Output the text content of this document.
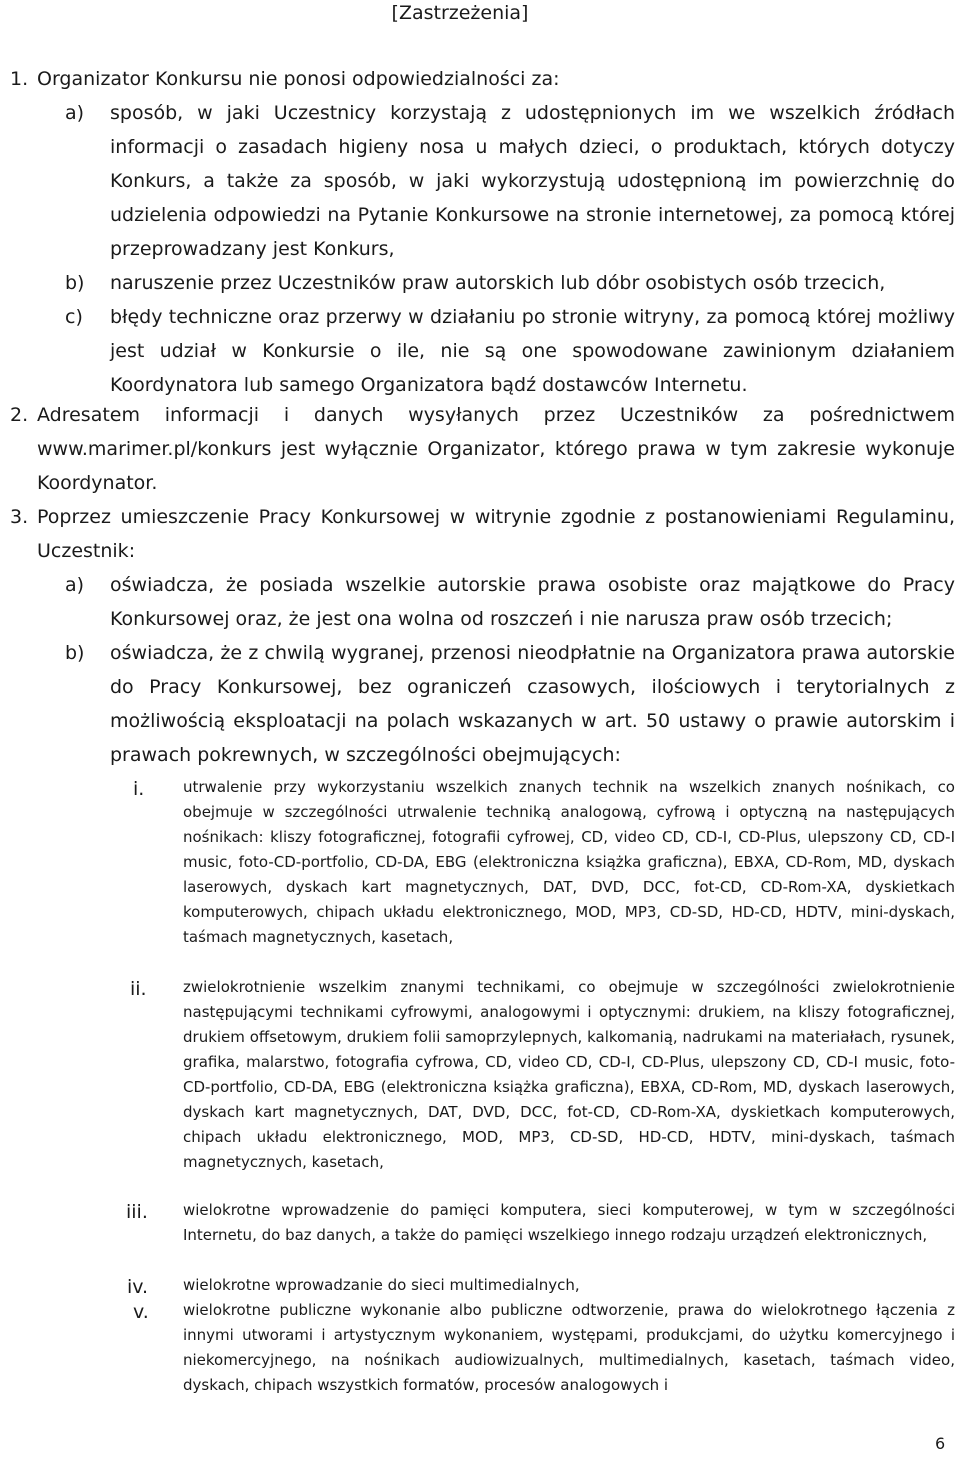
[Zastrzeżenia]
1. Organizator Konkursu nie ponosi odpowiedzialności za:
a) sposób, w jaki Uczestnicy korzystają z udostępnionych im we wszelkich źródłach informacji o zasadach higieny nosa u małych dzieci, o produktach, których dotyczy Konkurs, a także za sposób, w jaki wykorzystują udostępnioną im powierzchnię do udzielenia odpowiedzi na Pytanie Konkursowe na stronie internetowej, za pomocą której przeprowadzany jest Konkurs,
b) naruszenie przez Uczestników praw autorskich lub dóbr osobistych osób trzecich,
c) błędy techniczne oraz przerwy w działaniu po stronie witryny, za pomocą której możliwy jest udział w Konkursie o ile, nie są one spowodowane zawinionym działaniem Koordynatora lub samego Organizatora bądź dostawców Internetu.
2. Adresatem informacji i danych wysyłanych przez Uczestników za pośrednictwem www.marimer.pl/konkurs jest wyłącznie Organizator, którego prawa w tym zakresie wykonuje Koordynator.
3. Poprzez umieszczenie Pracy Konkursowej w witrynie zgodnie z postanowieniami Regulaminu, Uczestnik:
a) oświadcza, że posiada wszelkie autorskie prawa osobiste oraz majątkowe do Pracy Konkursowej oraz, że jest ona wolna od roszczeń i nie narusza praw osób trzecich;
b) oświadcza, że z chwilą wygranej, przenosi nieodpłatnie na Organizatora prawa autorskie do Pracy Konkursowej, bez ograniczeń czasowych, ilościowych i terytorialnych z możliwością eksploatacji na polach wskazanych w art. 50 ustawy o prawie autorskim i prawach pokrewnych, w szczególności obejmujących:
i.	utrwalenie przy wykorzystaniu wszelkich znanych technik na wszelkich znanych nośnikach, co obejmuje w szczególności utrwalenie techniką analogową, cyfrową i optyczną na następujących nośnikach: kliszy fotograficznej, fotografii cyfrowej, CD, video CD, CD-I, CD-Plus, ulepszony CD, CD-I music, foto-CD-portfolio, CD-DA, EBG (elektroniczna książka graficzna), EBXA, CD-Rom, MD, dyskach laserowych, dyskach kart magnetycznych, DAT, DVD, DCC, fot-CD, CD-Rom-XA, dyskietkach komputerowych, chipach układu elektronicznego, MOD, MP3, CD-SD, HD-CD, HDTV, mini-dyskach, taśmach magnetycznych, kasetach,
ii. zwielokrotnienie wszelkim znanymi technikami, co obejmuje w szczególności zwielokrotnienie następującymi technikami cyfrowymi, analogowymi i optycznymi: drukiem, na kliszy fotograficznej, drukiem offsetowym, drukiem folii samoprzylepnych, kalkomanią, nadrukami na materiałach, rysunek, grafika, malarstwo, fotografia cyfrowa, CD, video CD, CD-I, CD-Plus, ulepszony CD, CD-I music, foto-CD-portfolio, CD-DA, EBG (elektroniczna książka graficzna), EBXA, CD-Rom, MD, dyskach laserowych, dyskach kart magnetycznych, DAT, DVD, DCC, fot-CD, CD-Rom-XA, dyskietkach komputerowych, chipach układu elektronicznego, MOD, MP3, CD-SD, HD-CD, HDTV, mini-dyskach, taśmach magnetycznych, kasetach,
iii. wielokrotne wprowadzenie do pamięci komputera, sieci komputerowej, w tym w szczególności Internetu, do baz danych, a także do pamięci wszelkiego innego rodzaju urządzeń elektronicznych,
iv. wielokrotne wprowadzanie do sieci multimedialnych,
v. wielokrotne publiczne wykonanie albo publiczne odtworzenie, prawa do wielokrotnego łączenia z innymi utworami i artystycznym wykonaniem, występami, produkcjami, do użytku komercyjnego i niekomercyjnego, na nośnikach audiowizualnych, multimedialnych, kasetach, taśmach video, dyskach, chipach wszystkich formatów, procesów analogowych i
6
